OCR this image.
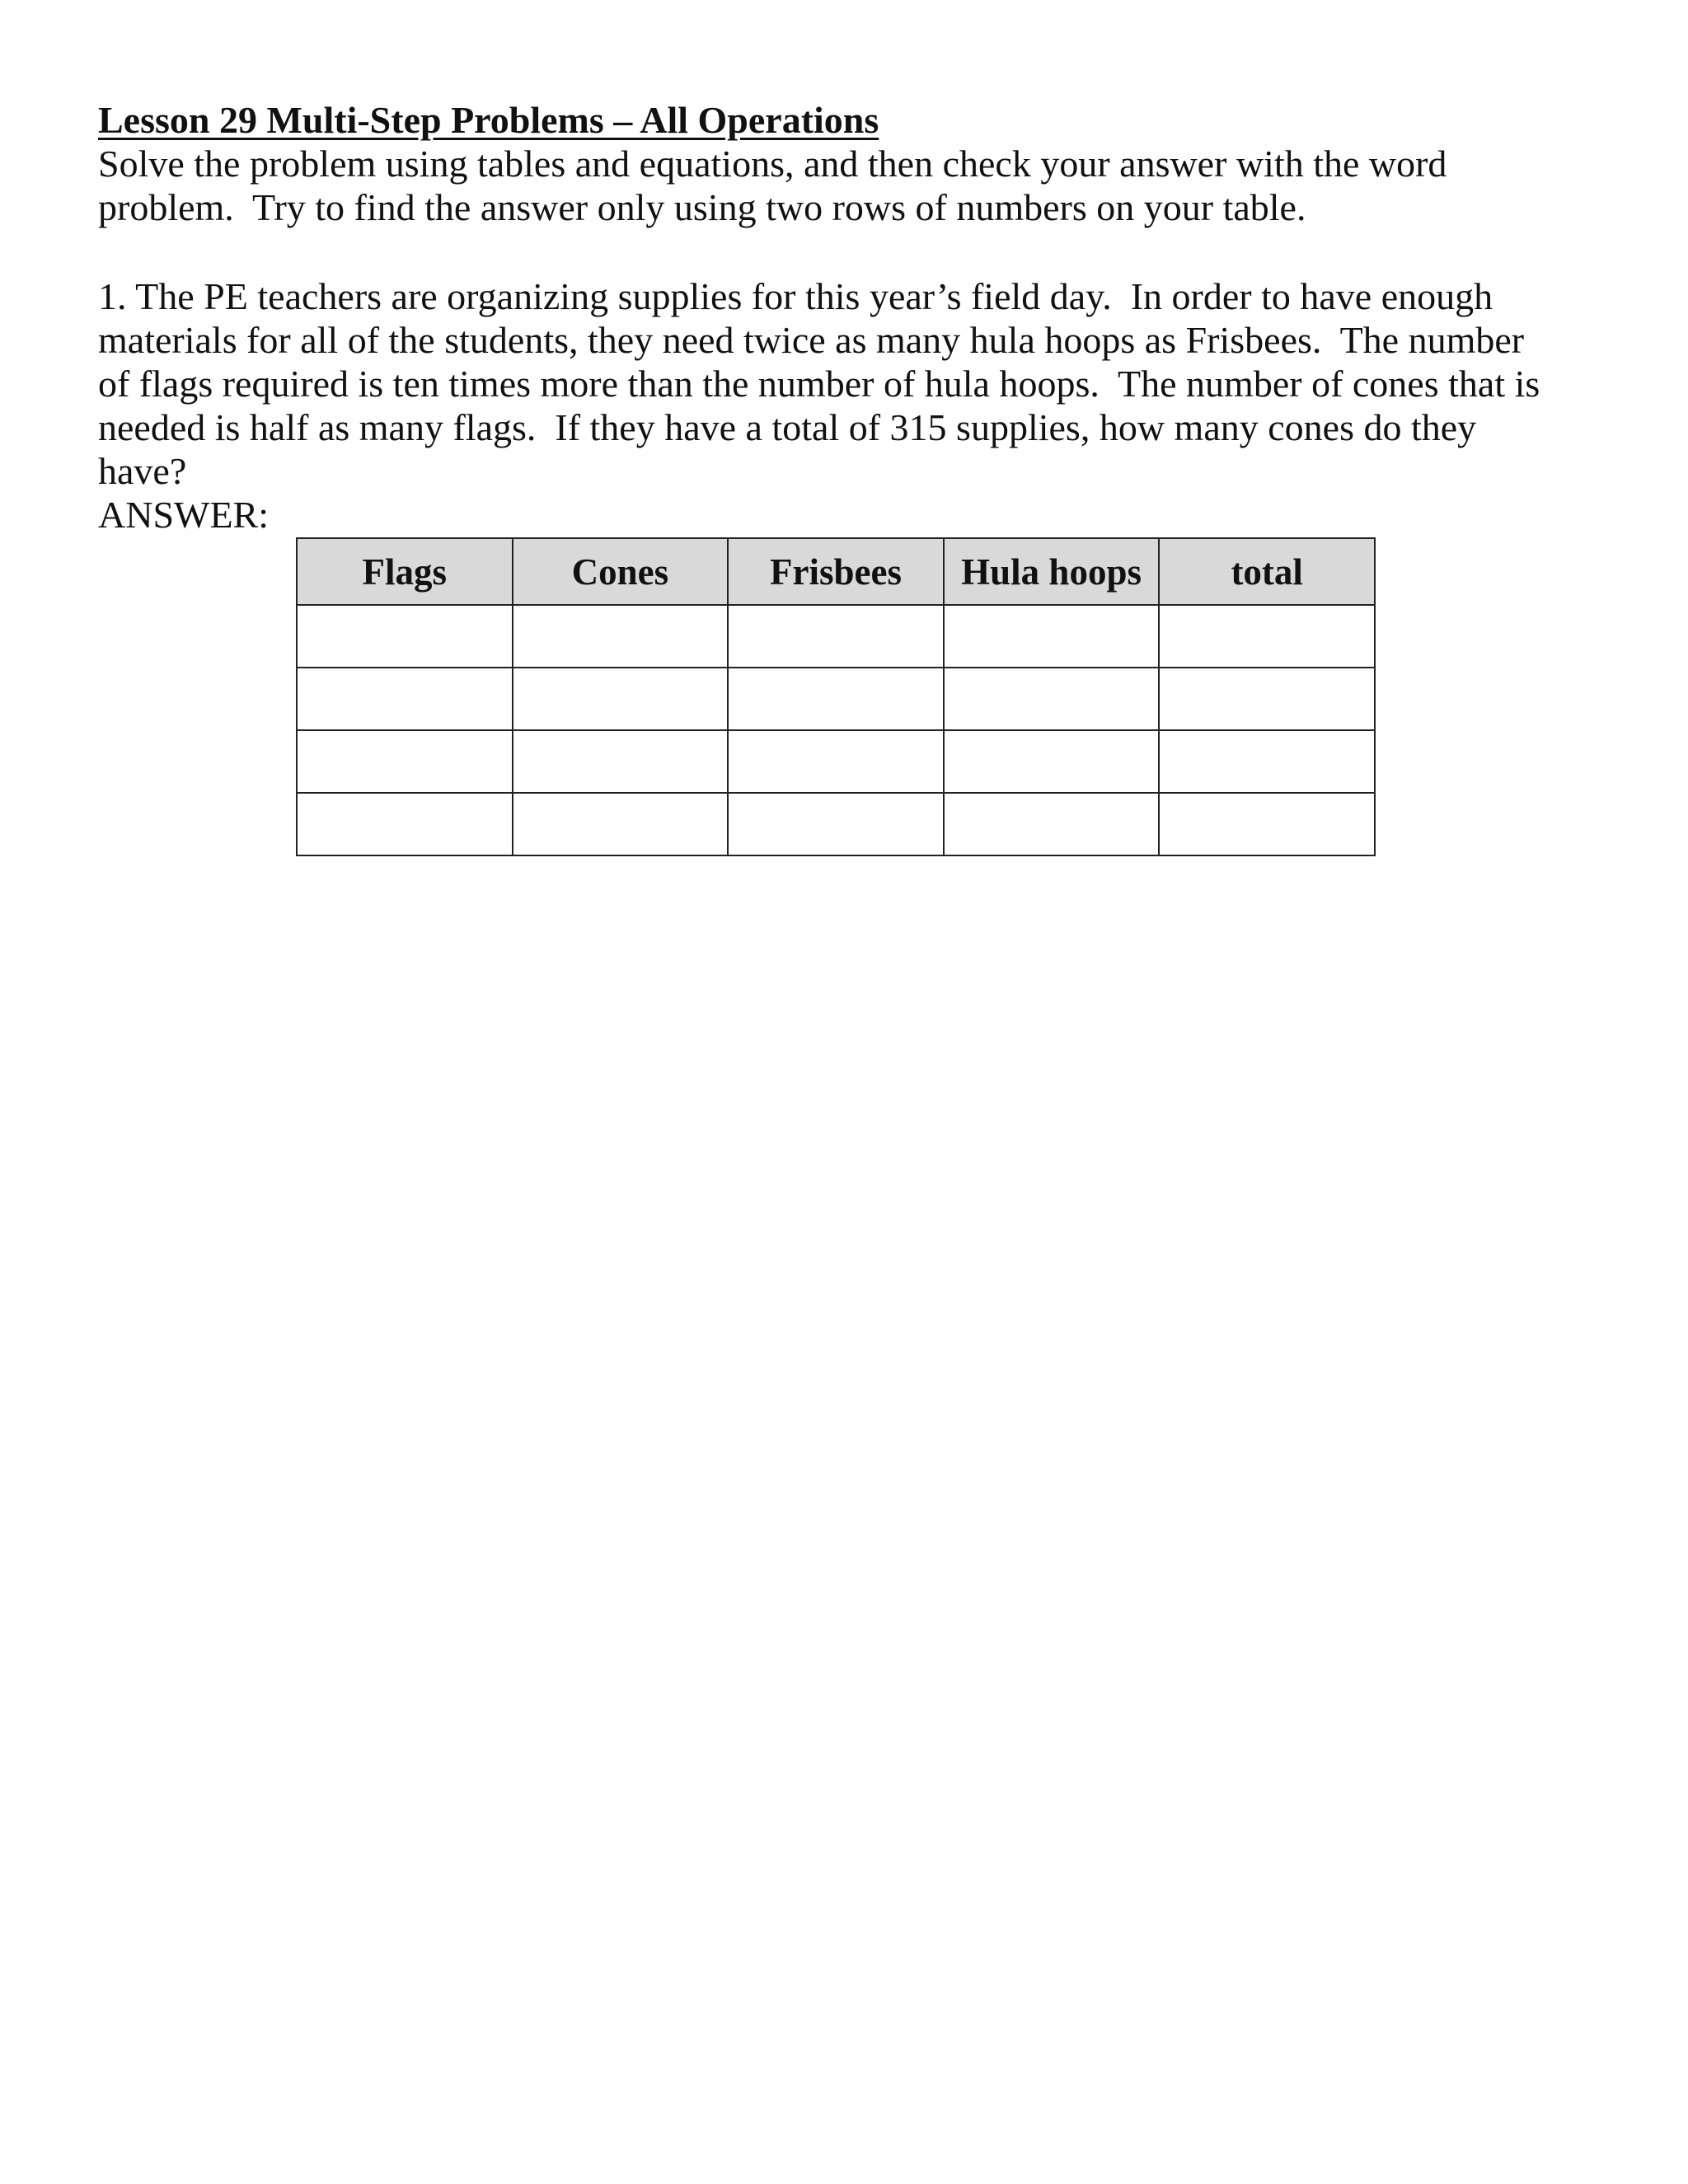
Lesson 29 Multi-Step Problems – All Operations
Solve the problem using tables and equations, and then check your answer with the word
problem.  Try to find the answer only using two rows of numbers on your table.
1. The PE teachers are organizing supplies for this year’s field day.  In order to have enough
materials for all of the students, they need twice as many hula hoops as Frisbees.  The number
of flags required is ten times more than the number of hula hoops.  The number of cones that is
needed is half as many flags.  If they have a total of 315 supplies, how many cones do they
have?
ANSWER:
Flags	Cones	Frisbees	Hula hoops	total
